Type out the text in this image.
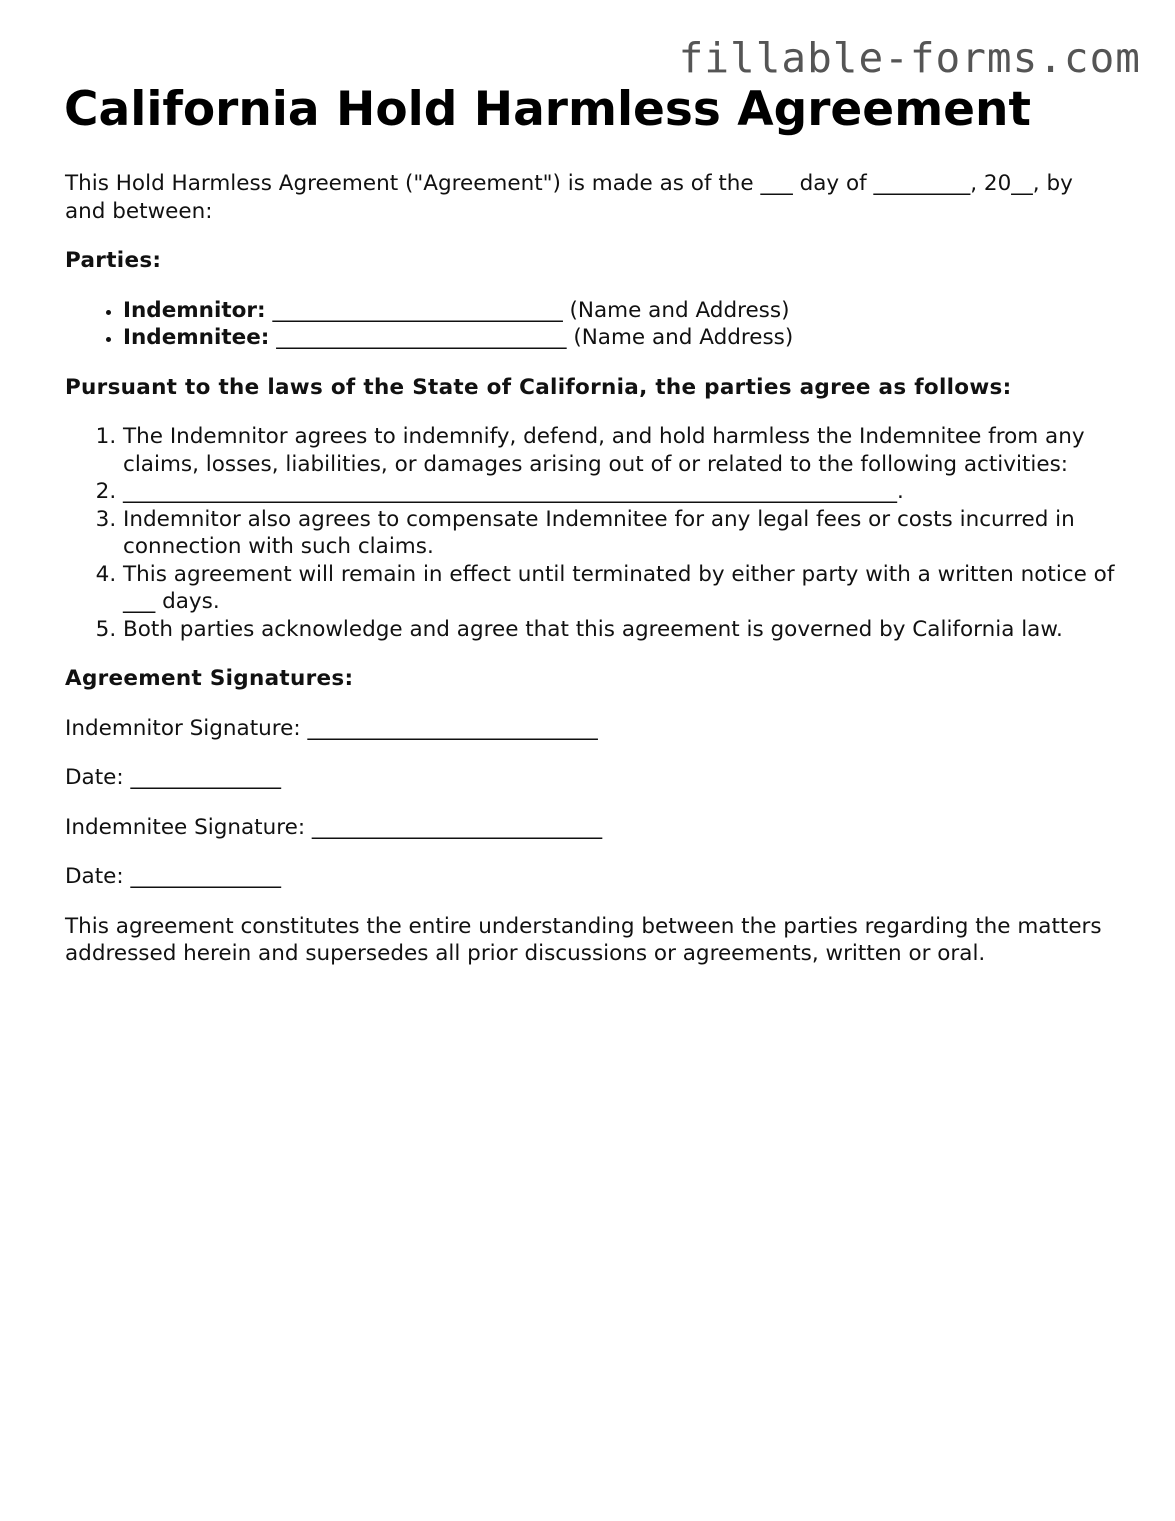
fillable-forms.com
California Hold Harmless Agreement

This Hold Harmless Agreement ("Agreement") is made as of the ___ day of _________, 20__, by and between:

Parties:
• Indemnitor: ___________________________ (Name and Address)
• Indemnitee: ___________________________ (Name and Address)
Pursuant to the laws of the State of California, the parties agree as follows:
1. The Indemnitor agrees to indemnify, defend, and hold harmless the Indemnitee from any claims, losses, liabilities, or damages arising out of or related to the following activities:
2. ________________________________________________________________________.
3. Indemnitor also agrees to compensate Indemnitee for any legal fees or costs incurred in connection with such claims.
4. This agreement will remain in effect until terminated by either party with a written notice of ___ days.
5. Both parties acknowledge and agree that this agreement is governed by California law.
Agreement Signatures:

Indemnitor Signature: ___________________________

Date: ______________

Indemnitee Signature: ___________________________

Date: ______________

This agreement constitutes the entire understanding between the parties regarding the matters addressed herein and supersedes all prior discussions or agreements, written or oral.
